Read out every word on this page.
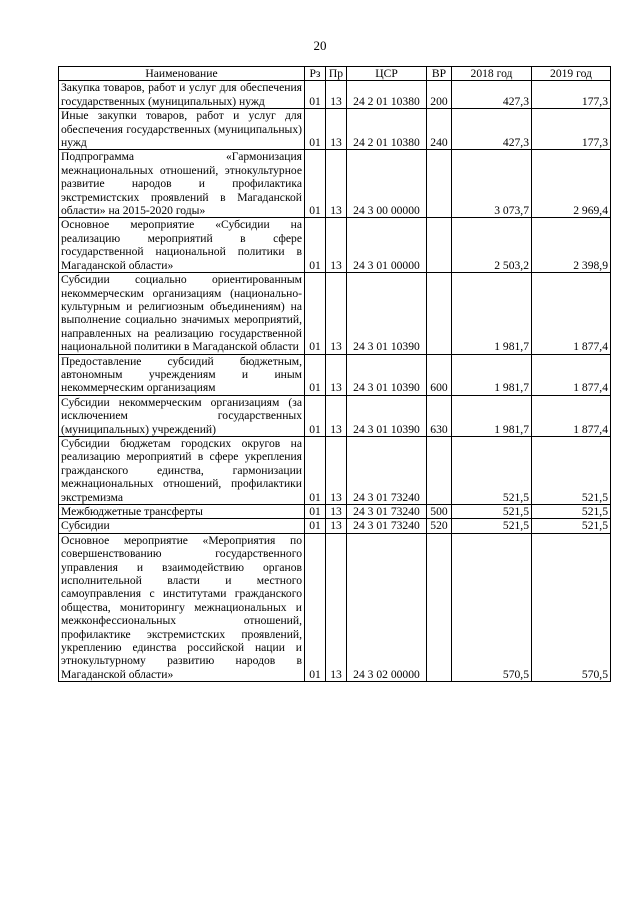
20
Наименование	Рз	Пр	ЦСР	ВР	2018 год	2019 год
Закупка товаров, работ и услуг для обеспечения государственных (муниципальных) нужд	01	13	24 2 01 10380	200	427,3	177,3
Иные закупки товаров, работ и услуг для обеспечения государственных (муниципальных) нужд	01	13	24 2 01 10380	240	427,3	177,3
Подпрограмма «Гармонизация межнациональных отношений, этнокультурное развитие народов и профилактика экстремистских проявлений в Магаданской области» на 2015-2020 годы»	01	13	24 3 00 00000		3 073,7	2 969,4
Основное мероприятие «Субсидии на реализацию мероприятий в сфере государственной национальной политики в Магаданской области»	01	13	24 3 01 00000		2 503,2	2 398,9
Субсидии социально ориентированным некоммерческим организациям (национально-культурным и религиозным объединениям) на выполнение социально значимых мероприятий, направленных на реализацию государственной национальной политики в Магаданской области	01	13	24 3 01 10390		1 981,7	1 877,4
Предоставление субсидий бюджетным, автономным учреждениям и иным некоммерческим организациям	01	13	24 3 01 10390	600	1 981,7	1 877,4
Субсидии некоммерческим организациям (за исключением государственных (муниципальных) учреждений)	01	13	24 3 01 10390	630	1 981,7	1 877,4
Субсидии бюджетам городских округов на реализацию мероприятий в сфере укрепления гражданского единства, гармонизации межнациональных отношений, профилактики экстремизма	01	13	24 3 01 73240		521,5	521,5
Межбюджетные трансферты	01	13	24 3 01 73240	500	521,5	521,5
Субсидии	01	13	24 3 01 73240	520	521,5	521,5
Основное мероприятие «Мероприятия по совершенствованию государственного управления и взаимодействию органов исполнительной власти и местного самоуправления с институтами гражданского общества, мониторингу межнациональных и межконфессиональных отношений, профилактике экстремистских проявлений, укреплению единства российской нации и этнокультурному развитию народов в Магаданской области»	01	13	24 3 02 00000		570,5	570,5
